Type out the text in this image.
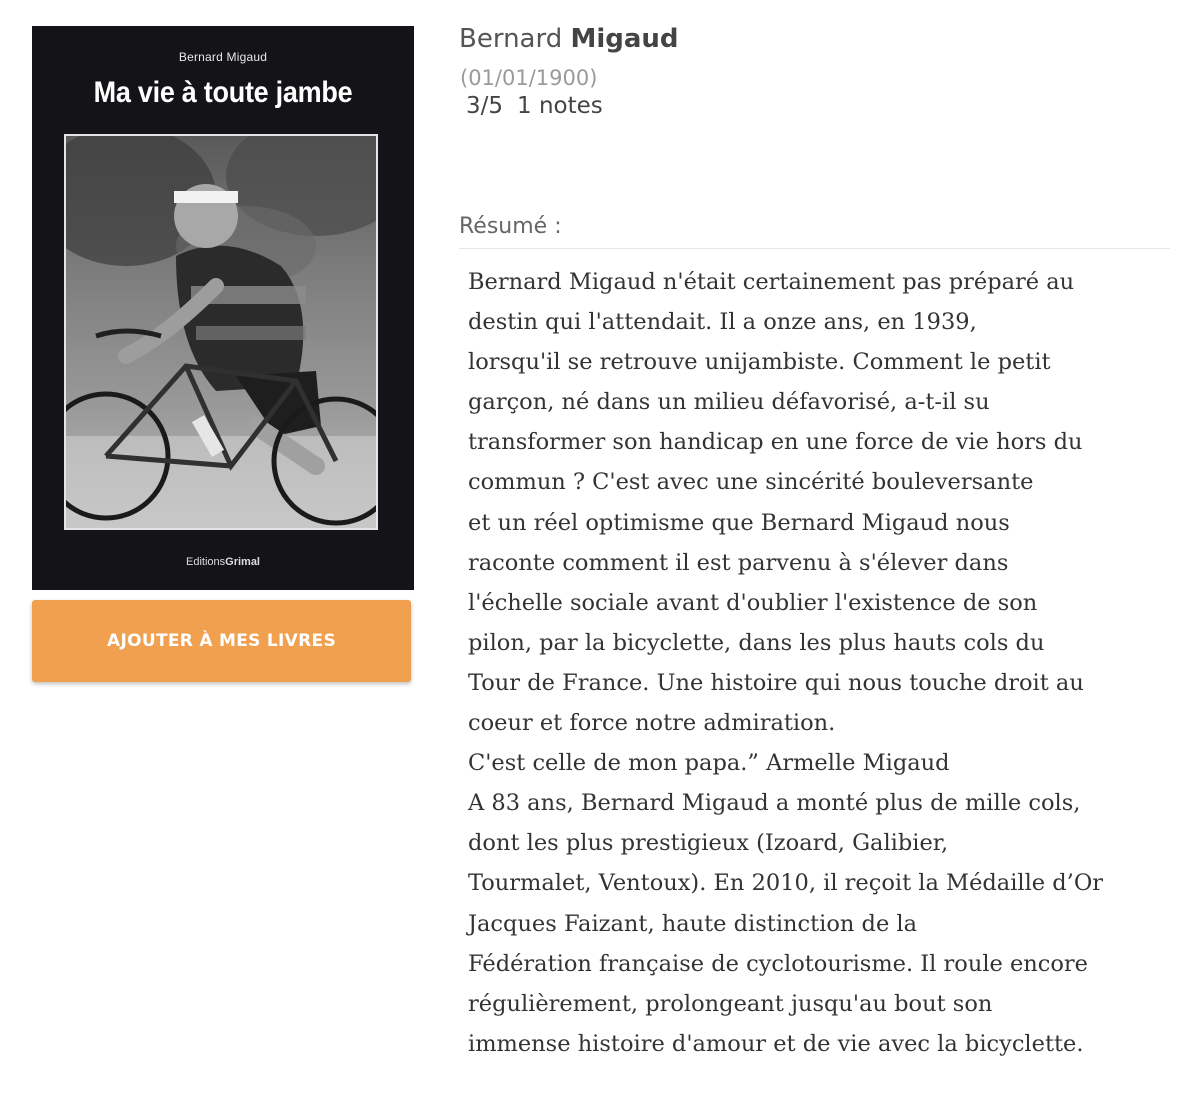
Bernard Migaud
Ma vie à toute jambe
EditionsGrimal
AJOUTER À MES LIVRES
Bernard Migaud
(01/01/1900)
3/5 1 notes
Résumé :
Bernard Migaud n'était certainement pas préparé au
destin qui l'attendait. Il a onze ans, en 1939,
lorsqu'il se retrouve unijambiste. Comment le petit
garçon, né dans un milieu défavorisé, a-t-il su
transformer son handicap en une force de vie hors du
commun ? C'est avec une sincérité bouleversante
et un réel optimisme que Bernard Migaud nous
raconte comment il est parvenu à s'élever dans
l'échelle sociale avant d'oublier l'existence de son
pilon, par la bicyclette, dans les plus hauts cols du
Tour de France. Une histoire qui nous touche droit au
coeur et force notre admiration.
C'est celle de mon papa.” Armelle Migaud
A 83 ans, Bernard Migaud a monté plus de mille cols,
dont les plus prestigieux (Izoard, Galibier,
Tourmalet, Ventoux). En 2010, il reçoit la Médaille d’Or
Jacques Faizant, haute distinction de la
Fédération française de cyclotourisme. Il roule encore
régulièrement, prolongeant jusqu'au bout son
immense histoire d'amour et de vie avec la bicyclette.
